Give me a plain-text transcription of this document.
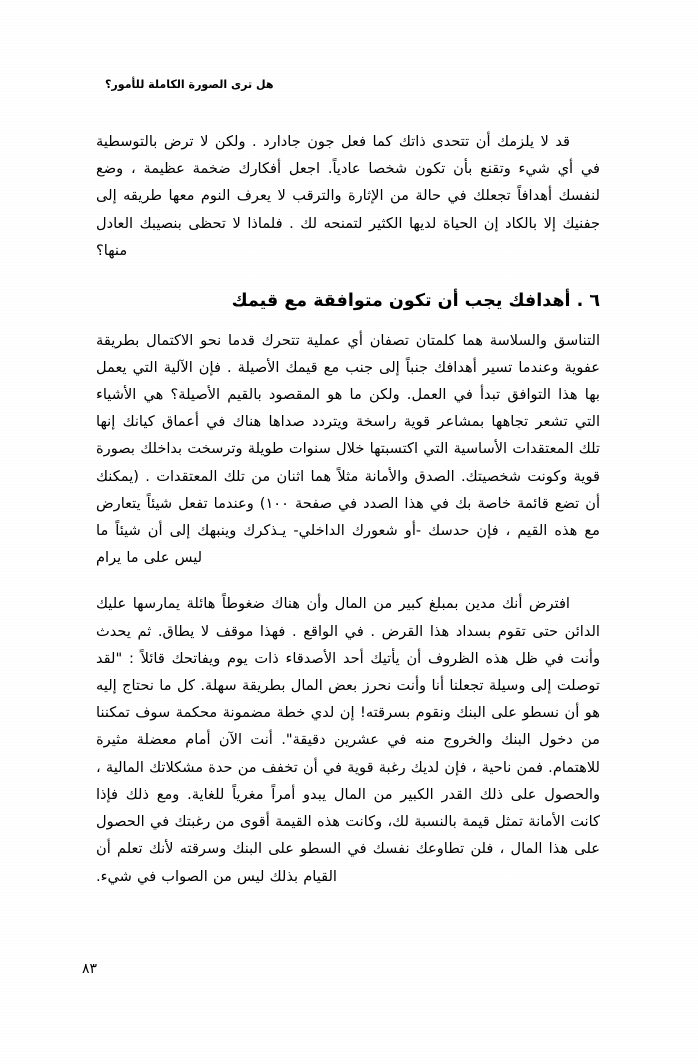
هل ترى الصورة الكاملة للأمور؟

قد لا يلزمك أن تتحدى ذاتك كما فعل جون جادارد . ولكن لا ترض بالتوسطية في أي شيء وتقنع بأن تكون شخصا عادياً. اجعل أفكارك ضخمة عظيمة ، وضع لنفسك أهدافاً تجعلك في حالة من الإثارة والترقب لا يعرف النوم معها طريقه إلى جفنيك إلا بالكاد إن الحياة لديها الكثير لتمنحه لك . فلماذا لا تحظى بنصيبك العادل منها؟

٦ . أهدافك يجب أن تكون متوافقة مع قيمك

التناسق والسلاسة هما كلمتان تصفان أي عملية تتحرك قدما نحو الاكتمال بطريقة عفوية وعندما تسير أهدافك جنباً إلى جنب مع قيمك الأصيلة . فإن الآلية التي يعمل بها هذا التوافق تبدأ في العمل. ولكن ما هو المقصود بالقيم الأصيلة؟ هي الأشياء التي تشعر تجاهها بمشاعر قوية راسخة ويتردد صداها هناك في أعماق كيانك إنها تلك المعتقدات الأساسية التي اكتسبتها خلال سنوات طويلة وترسخت بداخلك بصورة قوية وكونت شخصيتك. الصدق والأمانة مثلاً هما اثنان من تلك المعتقدات . (يمكنك أن تضع قائمة خاصة بك في هذا الصدد في صفحة ١٠٠) وعندما تفعل شيئاً يتعارض مع هذه القيم ، فإن حدسك -أو شعورك الداخلي- يـذكرك وينبهك إلى أن شيئاً ما ليس على ما يرام

افترض أنك مدين بمبلغ كبير من المال وأن هناك ضغوطاً هائلة يمارسها عليك الدائن حتى تقوم بسداد هذا القرض . في الواقع . فهذا موقف لا يطاق. ثم يحدث وأنت في ظل هذه الظروف أن يأتيك أحد الأصدقاء ذات يوم ويفاتحك قائلاً : "لقد توصلت إلى وسيلة تجعلنا أنا وأنت نحرز بعض المال بطريقة سهلة. كل ما نحتاج إليه هو أن نسطو على البنك ونقوم بسرقته! إن لدي خطة مضمونة محكمة سوف تمكننا من دخول البنك والخروج منه في عشرين دقيقة". أنت الآن أمام معضلة مثيرة للاهتمام. فمن ناحية ، فإن لديك رغبة قوية في أن تخفف من حدة مشكلاتك المالية ، والحصول على ذلك القدر الكبير من المال يبدو أمراً مغرياً للغاية. ومع ذلك فإذا كانت الأمانة تمثل قيمة بالنسبة لك، وكانت هذه القيمة أقوى من رغبتك في الحصول على هذا المال ، فلن تطاوعك نفسك في السطو على البنك وسرقته لأنك تعلم أن القيام بذلك ليس من الصواب في شيء.

٨٣
